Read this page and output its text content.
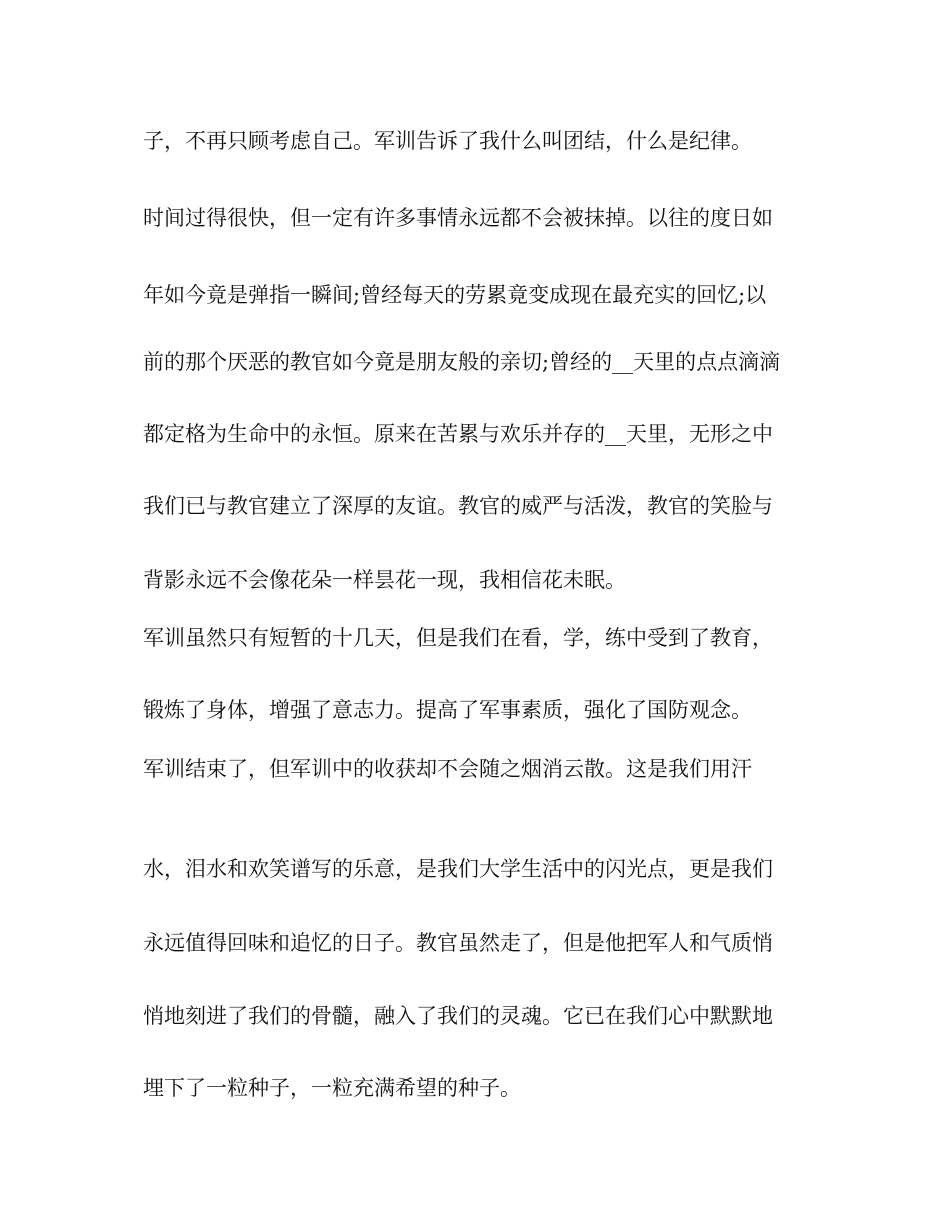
子，不再只顾考虑自己。军训告诉了我什么叫团结，什么是纪律。
时间过得很快，但一定有许多事情永远都不会被抹掉。以往的度日如
年如今竟是弹指一瞬间;曾经每天的劳累竟变成现在最充实的回忆;以
前的那个厌恶的教官如今竟是朋友般的亲切;曾经的__天里的点点滴滴
都定格为生命中的永恒。原来在苦累与欢乐并存的__天里，无形之中
我们已与教官建立了深厚的友谊。教官的威严与活泼，教官的笑脸与
背影永远不会像花朵一样昙花一现，我相信花未眠。
军训虽然只有短暂的十几天，但是我们在看，学，练中受到了教育，
锻炼了身体，增强了意志力。提高了军事素质，强化了国防观念。
军训结束了，但军训中的收获却不会随之烟消云散。这是我们用汗
水，泪水和欢笑谱写的乐意，是我们大学生活中的闪光点，更是我们
永远值得回味和追忆的日子。教官虽然走了，但是他把军人和气质悄
悄地刻进了我们的骨髓，融入了我们的灵魂。它已在我们心中默默地
埋下了一粒种子，一粒充满希望的种子。
